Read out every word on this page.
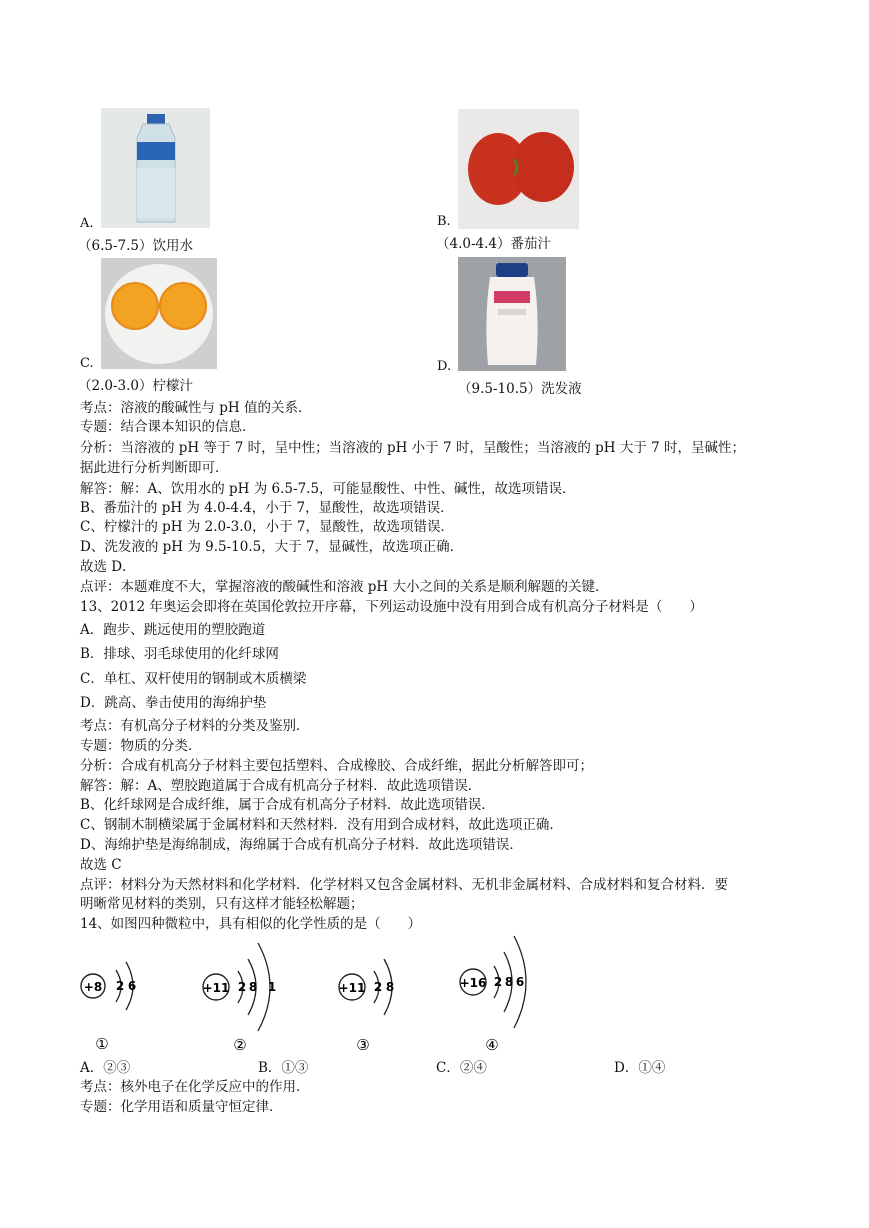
A.
（6.5-7.5）饮用水
B.
（4.0-4.4）番茄汁
C.
（2.0-3.0）柠檬汁
D.
（9.5-10.5）洗发液
考点：溶液的酸碱性与 pH 值的关系．
专题：结合课本知识的信息．
分析：当溶液的 pH 等于 7 时，呈中性；当溶液的 pH 小于 7 时，呈酸性；当溶液的 pH 大于 7 时，呈碱性；
据此进行分析判断即可．
解答：解：A、饮用水的 pH 为 6.5-7.5，可能显酸性、中性、碱性，故选项错误．
B、番茄汁的 pH 为 4.0-4.4，小于 7，显酸性，故选项错误．
C、柠檬汁的 pH 为 2.0-3.0，小于 7，显酸性，故选项错误．
D、洗发液的 pH 为 9.5-10.5，大于 7，显碱性，故选项正确．
故选 D．
点评：本题难度不大，掌握溶液的酸碱性和溶液 pH 大小之间的关系是顺利解题的关键．
13、2012 年奥运会即将在英国伦敦拉开序幕，下列运动设施中没有用到合成有机高分子材料是（　　）
A．跑步、跳远使用的塑胶跑道
B．排球、羽毛球使用的化纤球网
C．单杠、双杆使用的钢制或木质横梁
D．跳高、拳击使用的海绵护垫
考点：有机高分子材料的分类及鉴别．
专题：物质的分类．
分析：合成有机高分子材料主要包括塑料、合成橡胶、合成纤维，据此分析解答即可；
解答：解：A、塑胶跑道属于合成有机高分子材料．故此选项错误．
B、化纤球网是合成纤维，属于合成有机高分子材料．故此选项错误．
C、钢制木制横梁属于金属材料和天然材料．没有用到合成材料，故此选项正确．
D、海绵护垫是海绵制成，海绵属于合成有机高分子材料．故此选项错误．
故选 C
点评：材料分为天然材料和化学材料．化学材料又包含金属材料、无机非金属材料、合成材料和复合材料．要
明晰常见材料的类别，只有这样才能轻松解题；
14、如图四种微粒中，具有相似的化学性质的是（　　）
+8 2 6
①
+11 2 8 1
②
+11 2 8
③
+16 2 8 6
④
A．②③	B．①③	C．②④	D．①④
考点：核外电子在化学反应中的作用．
专题：化学用语和质量守恒定律．
